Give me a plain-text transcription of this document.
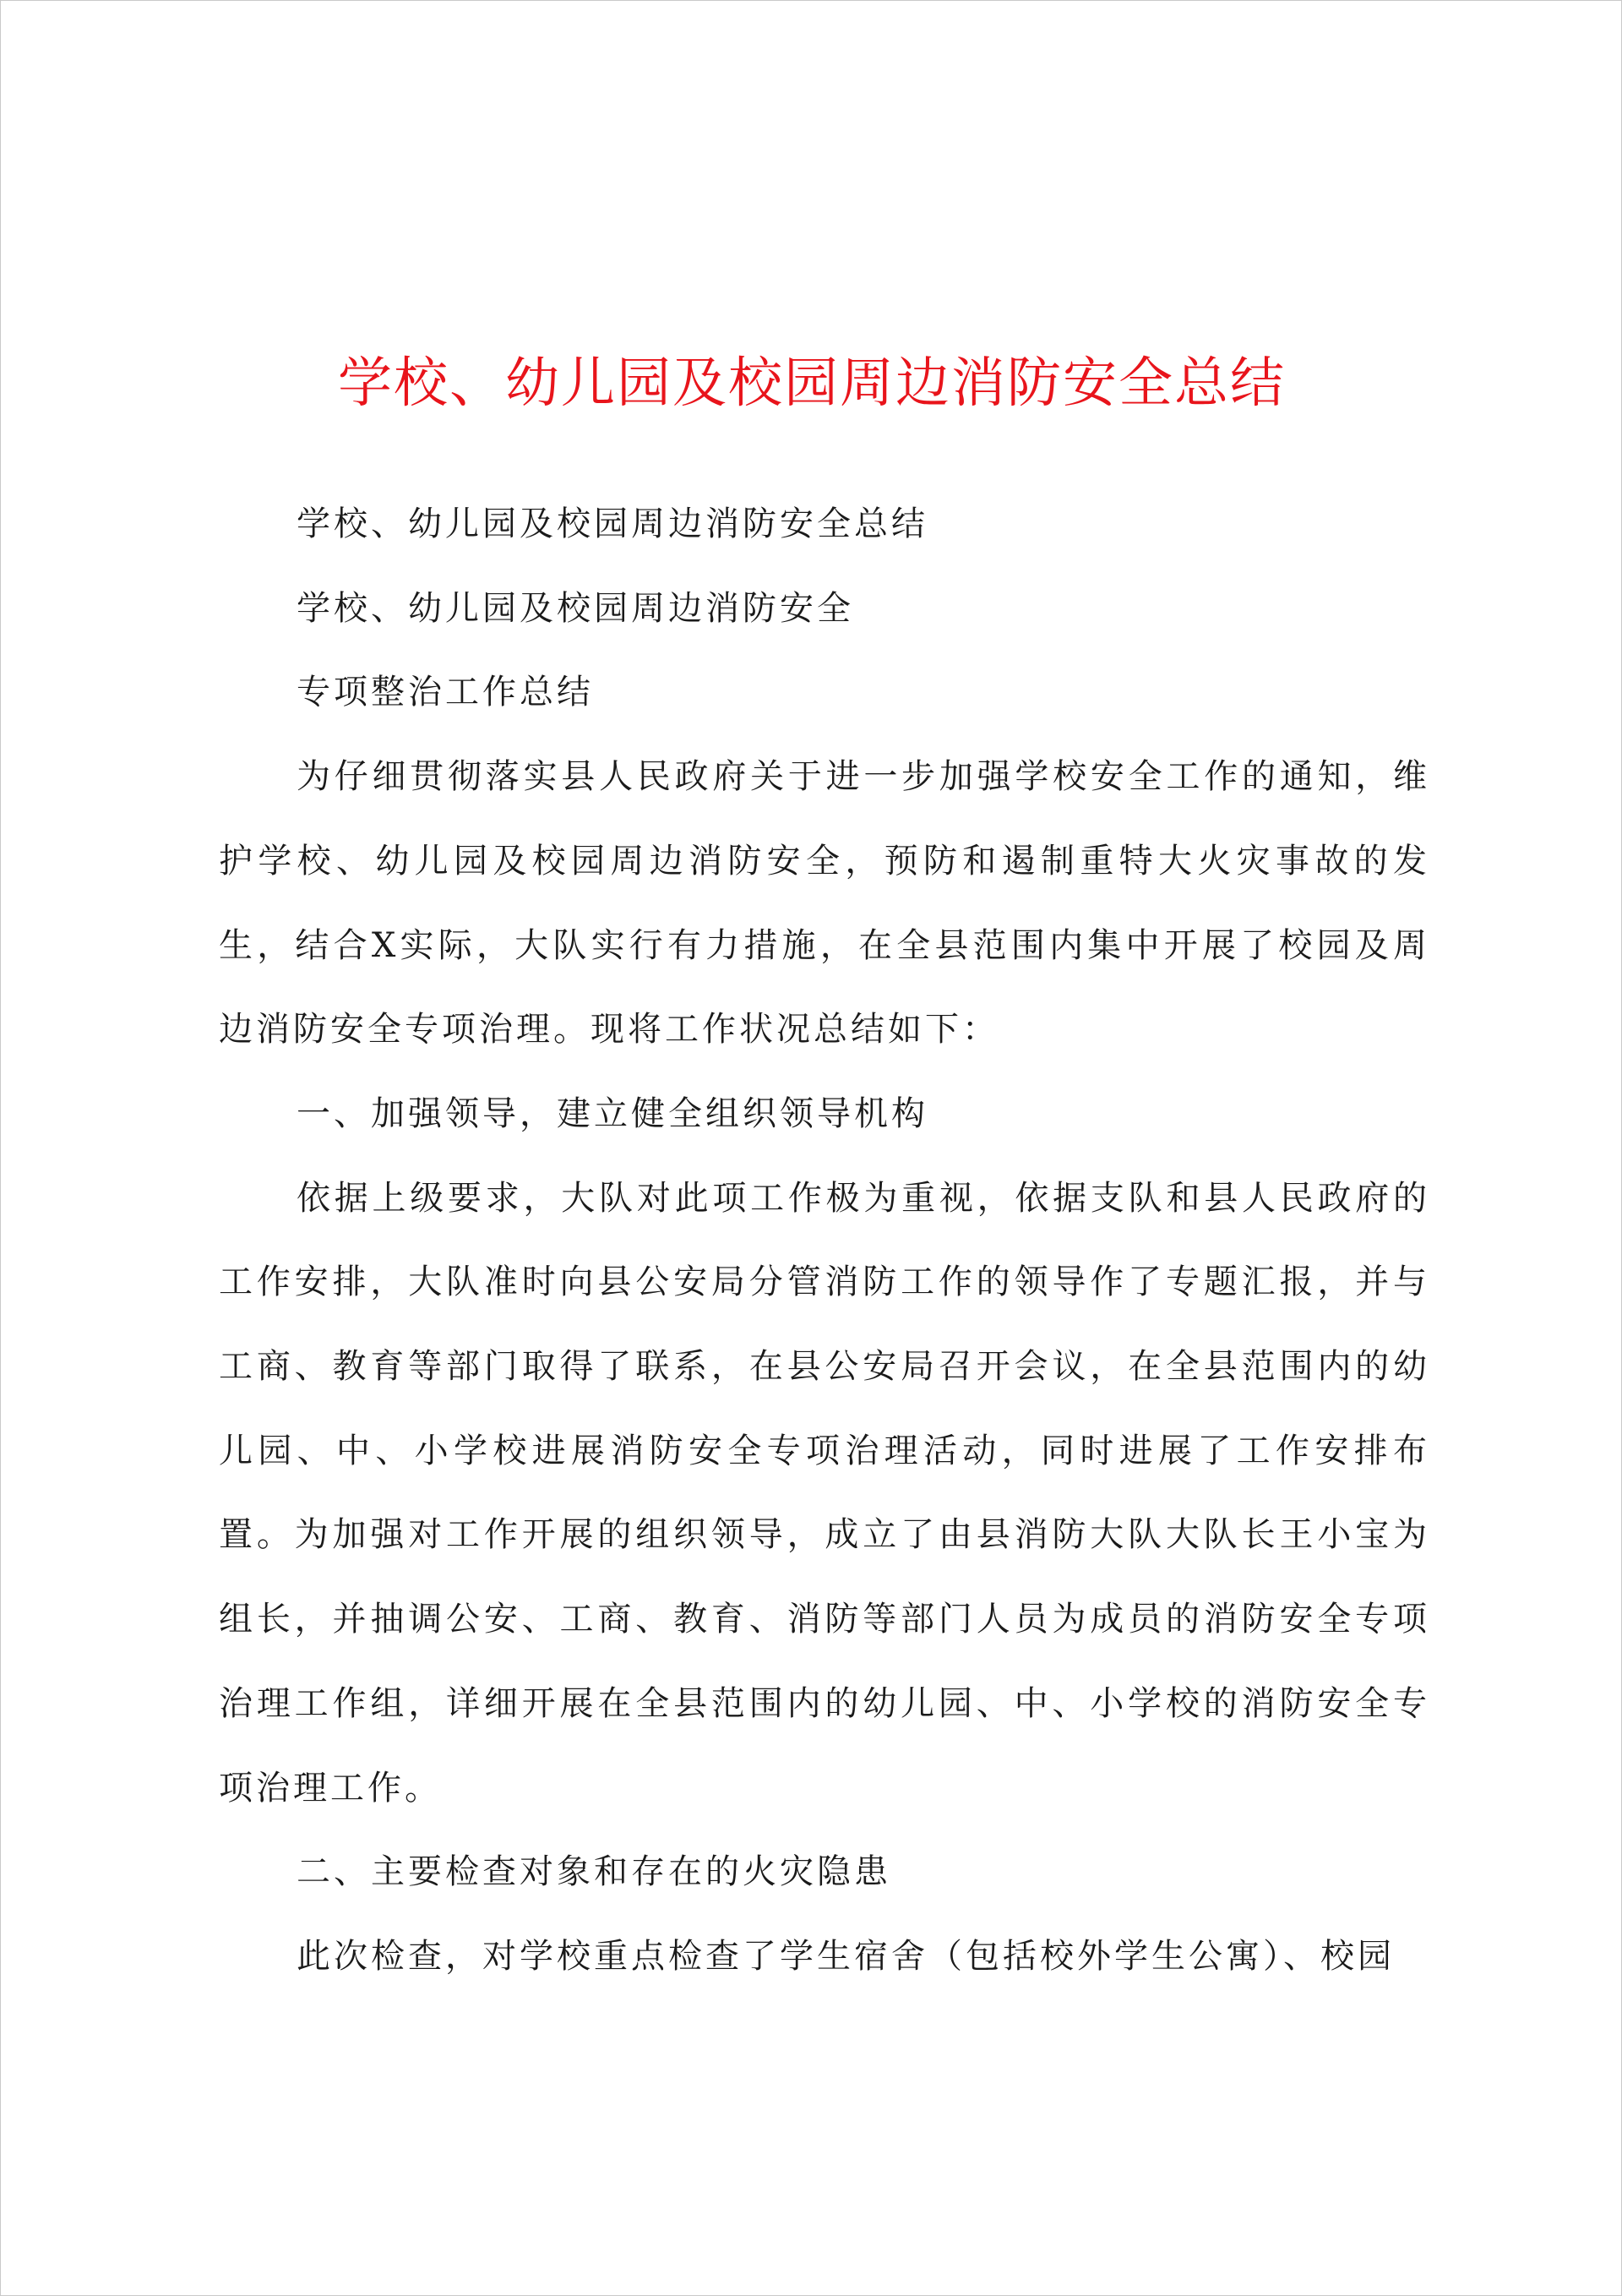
学校、幼儿园及校园周边消防安全总结

学校、幼儿园及校园周边消防安全总结

学校、幼儿园及校园周边消防安全

专项整治工作总结

为仔细贯彻落实县人民政府关于进一步加强学校安全工作的通知，维护学校、幼儿园及校园周边消防安全，预防和遏制重特大火灾事故的发生，结合X实际，大队实行有力措施，在全县范围内集中开展了校园及周边消防安全专项治理。现将工作状况总结如下：

一、加强领导，建立健全组织领导机构

依据上级要求，大队对此项工作极为重视，依据支队和县人民政府的工作安排，大队准时向县公安局分管消防工作的领导作了专题汇报，并与工商、教育等部门取得了联系，在县公安局召开会议，在全县范围内的幼儿园、中、小学校进展消防安全专项治理活动，同时进展了工作安排布置。为加强对工作开展的组织领导，成立了由县消防大队大队长王小宝为组长，并抽调公安、工商、教育、消防等部门人员为成员的消防安全专项治理工作组，详细开展在全县范围内的幼儿园、中、小学校的消防安全专项治理工作。

二、主要检查对象和存在的火灾隐患

此次检查，对学校重点检查了学生宿舍（包括校外学生公寓）、校园
